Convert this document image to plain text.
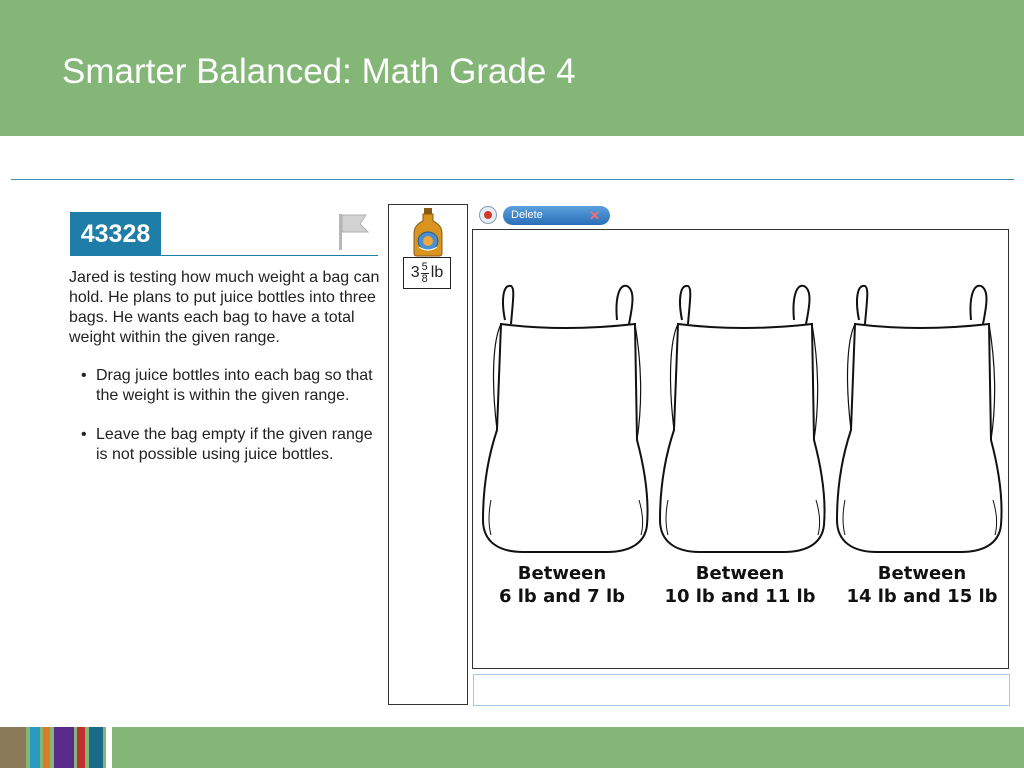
Smarter Balanced: Math Grade 4
43328

Jared is testing how much weight a bag can hold. He plans to put juice bottles into three bags. He wants each bag to have a total weight within the given range.

• Drag juice bottles into each bag so that the weight is within the given range.
• Leave the bag empty if the given range is not possible using juice bottles.
$3 \frac{5}{8}$ lb
Delete	✕
Between
6 lb and 7 lb
Between
10 lb and 11 lb
Between
14 lb and 15 lb
